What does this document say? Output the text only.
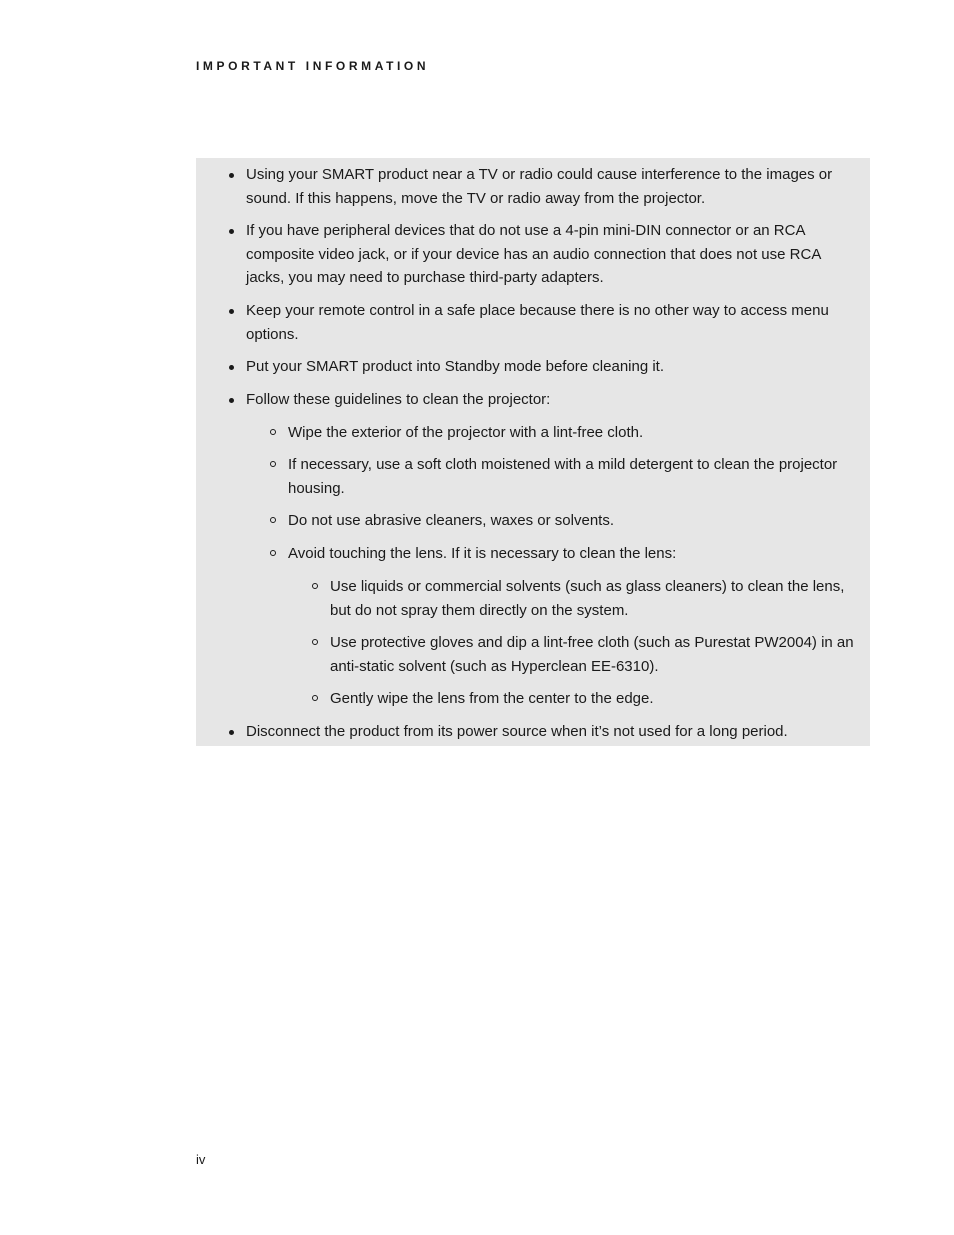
IMPORTANT INFORMATION
Using your SMART product near a TV or radio could cause interference to the images or sound. If this happens, move the TV or radio away from the projector.
If you have peripheral devices that do not use a 4-pin mini-DIN connector or an RCA composite video jack, or if your device has an audio connection that does not use RCA jacks, you may need to purchase third-party adapters.
Keep your remote control in a safe place because there is no other way to access menu options.
Put your SMART product into Standby mode before cleaning it.
Follow these guidelines to clean the projector:
Wipe the exterior of the projector with a lint-free cloth.
If necessary, use a soft cloth moistened with a mild detergent to clean the projector housing.
Do not use abrasive cleaners, waxes or solvents.
Avoid touching the lens. If it is necessary to clean the lens:
Use liquids or commercial solvents (such as glass cleaners) to clean the lens, but do not spray them directly on the system.
Use protective gloves and dip a lint-free cloth (such as Purestat PW2004) in an anti-static solvent (such as Hyperclean EE-6310).
Gently wipe the lens from the center to the edge.
Disconnect the product from its power source when it’s not used for a long period.
iv
